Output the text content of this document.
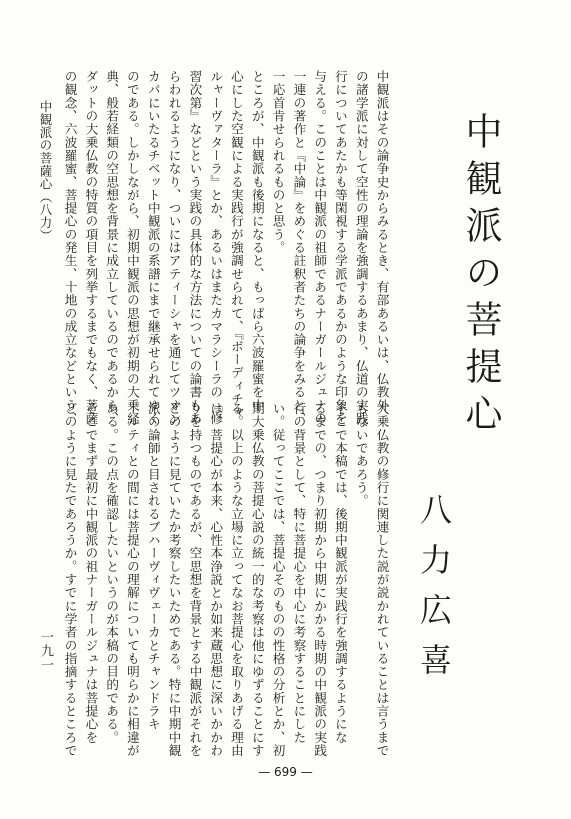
中観派の菩提心
八力広喜
大乗仏教の修行に関連した説が説かれていることは言うまで
もないであろう。
そこで本稿では、後期中観派が実践行を強調するようにな
るまでの、つまり初期から中期にかかる時期の中観派の実践
行の背景として、特に菩提心を中心に考察することにした
い。従ってここでは、菩提心そのものの性格の分析とか、初
期大乗仏教の菩提心説の統一的な考察は他にゆずることにす
る。以上のような立場に立ってなお菩提心を取りあげる理由
は、菩提心が本来、心性本浄説とか如来蔵思想に深いかかわ
りを持つものであるが、空思想を背景とする中観派がそれを
どのように見ていたか考察したいためである。特に中期中観
派の論師と目されるブハーヴィヴェーカとチャンドラキ
ールティとの間には菩提心の理解についても明らかに相違が
ある。この点を確認したいというのが本稿の目的である。
そこでまず最初に中観派の祖ナーガールジュナは菩提心を
どのように見たであろうか。すでに学者の指摘するところで
中観派はその論争史からみるとき、有部あるいは、仏教外
の諸学派に対して空性の理論を強調するあまり、仏道の実践
行についてあたかも等閑視する学派であるかのような印象を
与える。このことは中観派の祖師であるナーガールジュナの
一連の著作と『中論』をめぐる註釈者たちの論争をみると、
一応首肯せられるものと思う。
ところが、中観派も後期になると、もっぱら六波羅蜜を中
心にした空観による実践行が強調せられて、『ボーディチャ
ルャーヴァターラ』とか、あるいはまたカマラシーラの『修
習次第』などという実践の具体的な方法についての論書もあ
らわれるようになり、ついにはアティーシャを通じてツオン
カパにいたるチベット中観派の系譜にまで継承せられてゆく
のである。しかしながら、初期中観派の思想が初期の大乗経
典、般若経類の空思想を背景に成立しているのであるから、
ダットの大乗仏教の特質の項目を列挙するまでもなく、菩薩
の観念、六波羅蜜、菩提心の発生、十地の成立などという、
中観派の菩薩心（八力）
一九一
— 699 —
